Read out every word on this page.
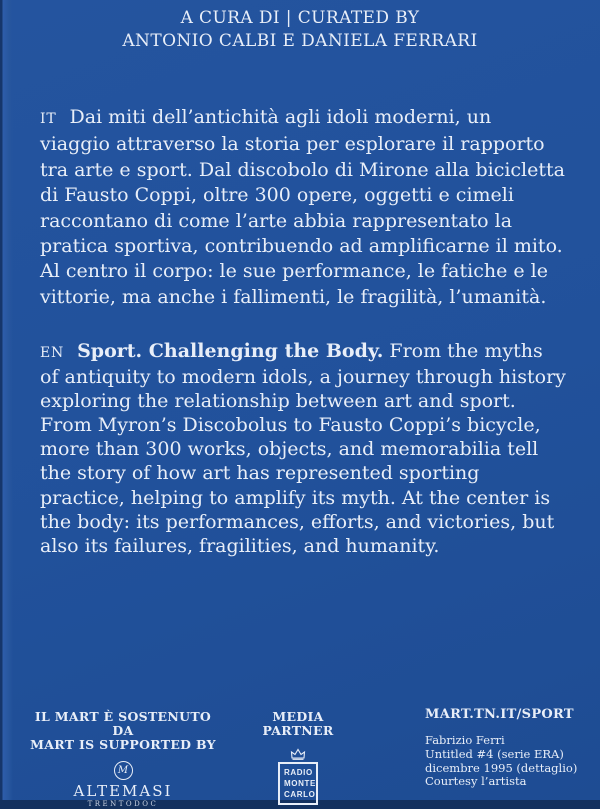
A CURA DI | CURATED BY
ANTONIO CALBI E DANIELA FERRARI
IT Dai miti dell’antichità agli idoli moderni, un
viaggio attraverso la storia per esplorare il rapporto
tra arte e sport. Dal discobolo di Mirone alla bicicletta
di Fausto Coppi, oltre 300 opere, oggetti e cimeli
raccontano di come l’arte abbia rappresentato la
pratica sportiva, contribuendo ad amplificarne il mito.
Al centro il corpo: le sue performance, le fatiche e le
vittorie, ma anche i fallimenti, le fragilità, l’umanità.
EN Sport. Challenging the Body. From the myths
of antiquity to modern idols, a journey through history
exploring the relationship between art and sport.
From Myron’s Discobolus to Fausto Coppi’s bicycle,
more than 300 works, objects, and memorabilia tell
the story of how art has represented sporting
practice, helping to amplify its myth. At the center is
the body: its performances, efforts, and victories, but
also its failures, fragilities, and humanity.
IL MART È SOSTENUTO DA
MART IS SUPPORTED BY
M
ALTEMASI
TRENTODOC
MEDIA PARTNER
RADIO
MONTE
CARLO
MART.TN.IT/SPORT
Fabrizio Ferri
Untitled #4 (serie ERA)
dicembre 1995 (dettaglio)
Courtesy l’artista
